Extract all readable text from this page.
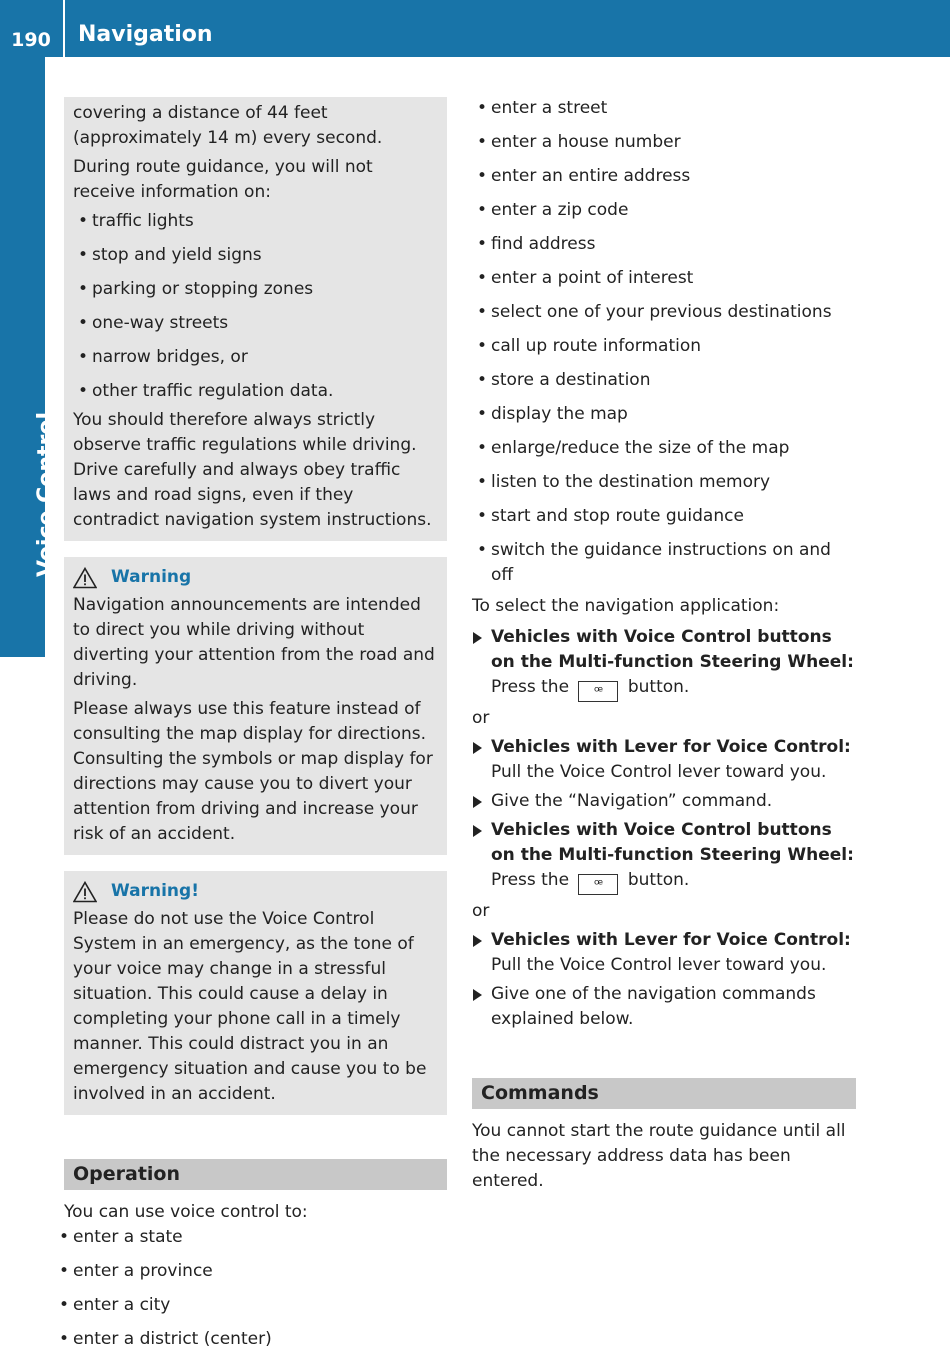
190	Navigation
Voice Control

covering a distance of 44 feet (approximately 14 m) every second.

During route guidance, you will not receive information on:

• traffic lights
• stop and yield signs
• parking or stopping zones
• one-way streets
• narrow bridges, or
• other traffic regulation data.

You should therefore always strictly observe traffic regulations while driving. Drive carefully and always obey traffic laws and road signs, even if they contradict navigation system instructions.

Warning

Navigation announcements are intended to direct you while driving without diverting your attention from the road and driving.

Please always use this feature instead of consulting the map display for directions. Consulting the symbols or map display for directions may cause you to divert your attention from driving and increase your risk of an accident.

Warning!

Please do not use the Voice Control System in an emergency, as the tone of your voice may change in a stressful situation. This could cause a delay in completing your phone call in a timely manner. This could distract you in an emergency situation and cause you to be involved in an accident.

Operation

You can use voice control to:

• enter a state
• enter a province
• enter a city
• enter a district (center)
• enter a street
• enter a house number
• enter an entire address
• enter a zip code
• find address
• enter a point of interest
• select one of your previous destinations
• call up route information
• store a destination
• display the map
• enlarge/reduce the size of the map
• listen to the destination memory
• start and stop route guidance
• switch the guidance instructions on and off

To select the navigation application:

Vehicles with Voice Control buttons on the Multi-function Steering Wheel: Press the ꟹ button.

or

Vehicles with Lever for Voice Control:
Pull the Voice Control lever toward you.
Give the “Navigation” command.
Vehicles with Voice Control buttons on the Multi-function Steering Wheel: Press the ꟹ button.

or

Vehicles with Lever for Voice Control:
Pull the Voice Control lever toward you.
Give one of the navigation commands explained below.
Commands

You cannot start the route guidance until all the necessary address data has been entered.
